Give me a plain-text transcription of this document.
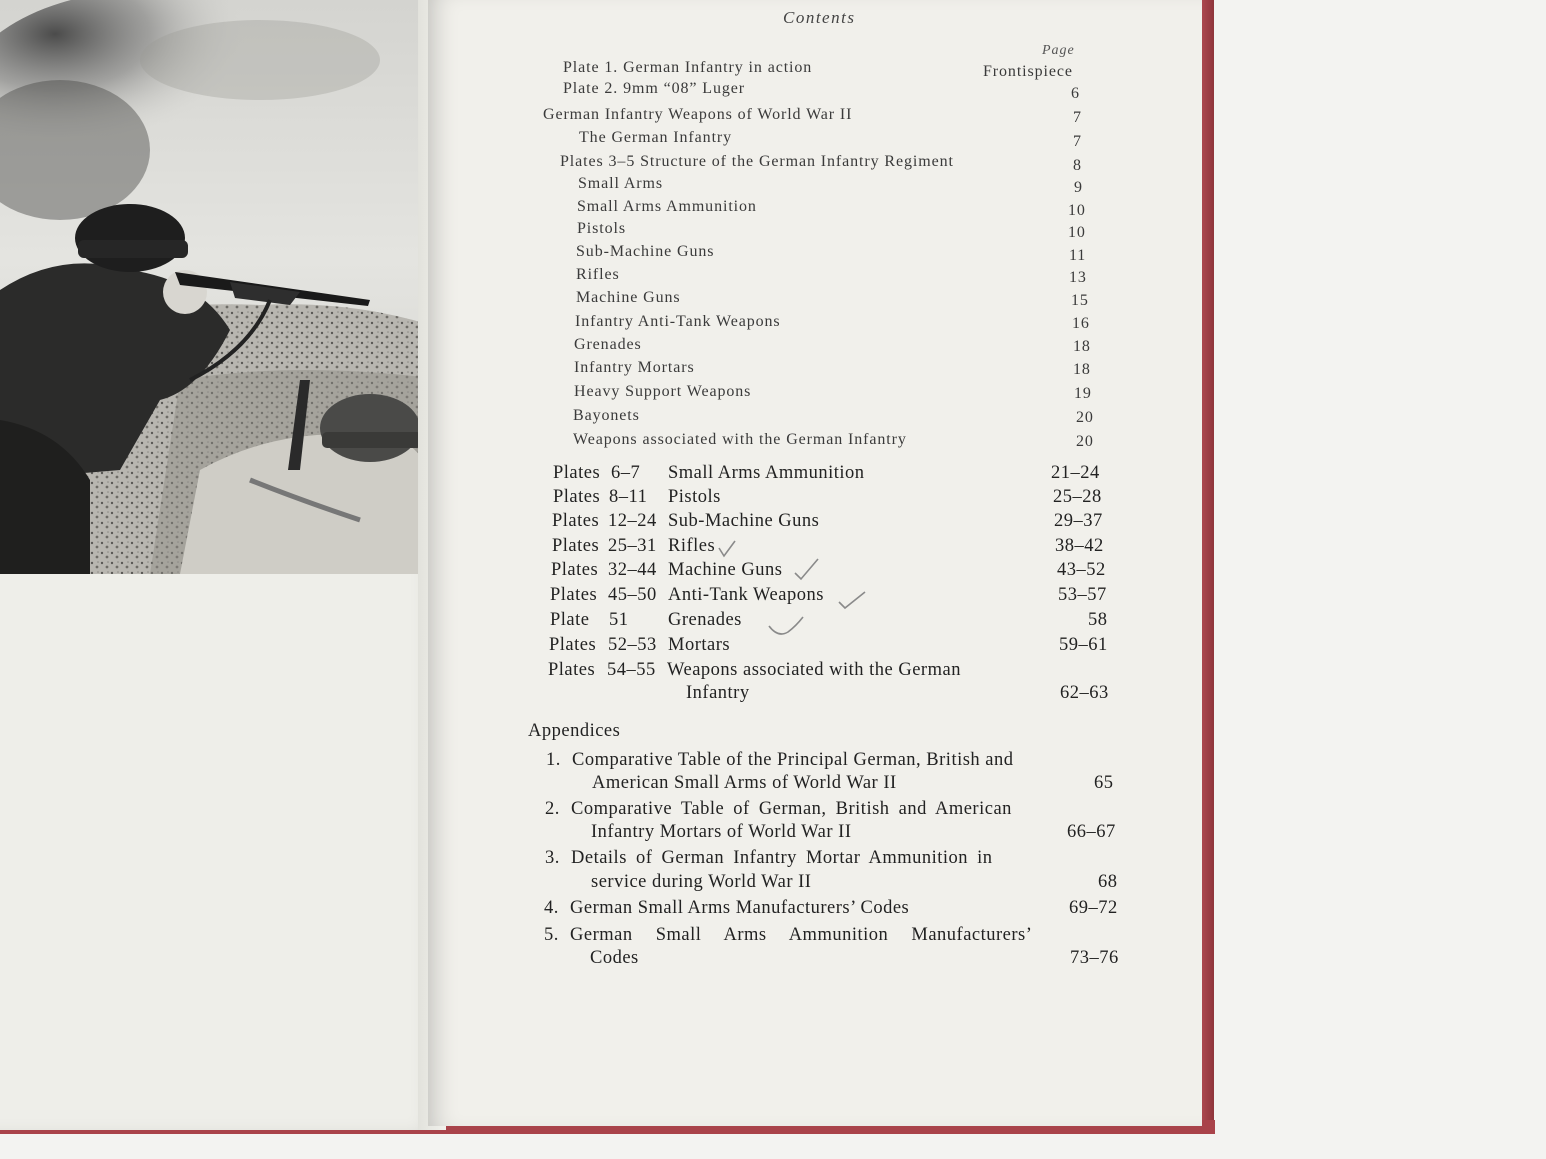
Contents
Page
Plate 1. German Infantry in action	Frontispiece
Plate 2. 9mm “08” Luger	6
German Infantry Weapons of World War II	7
The German Infantry	7
Plates 3–5 Structure of the German Infantry Regiment	8
Small Arms	9
Small Arms Ammunition	10
Pistols	10
Sub-Machine Guns	11
Rifles	13
Machine Guns	15
Infantry Anti-Tank Weapons	16
Grenades	18
Infantry Mortars	18
Heavy Support Weapons	19
Bayonets	20
Weapons associated with the German Infantry	20
Plates 6–7 Small Arms Ammunition	21–24
Plates 8–11 Pistols	25–28
Plates 12–24 Sub-Machine Guns	29–37
Plates 25–31 Rifles	38–42
Plates 32–44 Machine Guns	43–52
Plates 45–50 Anti-Tank Weapons	53–57
Plate 51 Grenades	58
Plates 52–53 Mortars	59–61
Plates 54–55 Weapons associated with the German
Infantry	62–63
Appendices
1. Comparative Table of the Principal German, British and
American Small Arms of World War II	65
2. Comparative Table of German, British and American
Infantry Mortars of World War II	66–67
3. Details of German Infantry Mortar Ammunition in
service during World War II	68
4. German Small Arms Manufacturers’ Codes	69–72
5. German Small Arms Ammunition Manufacturers’
Codes	73–76
